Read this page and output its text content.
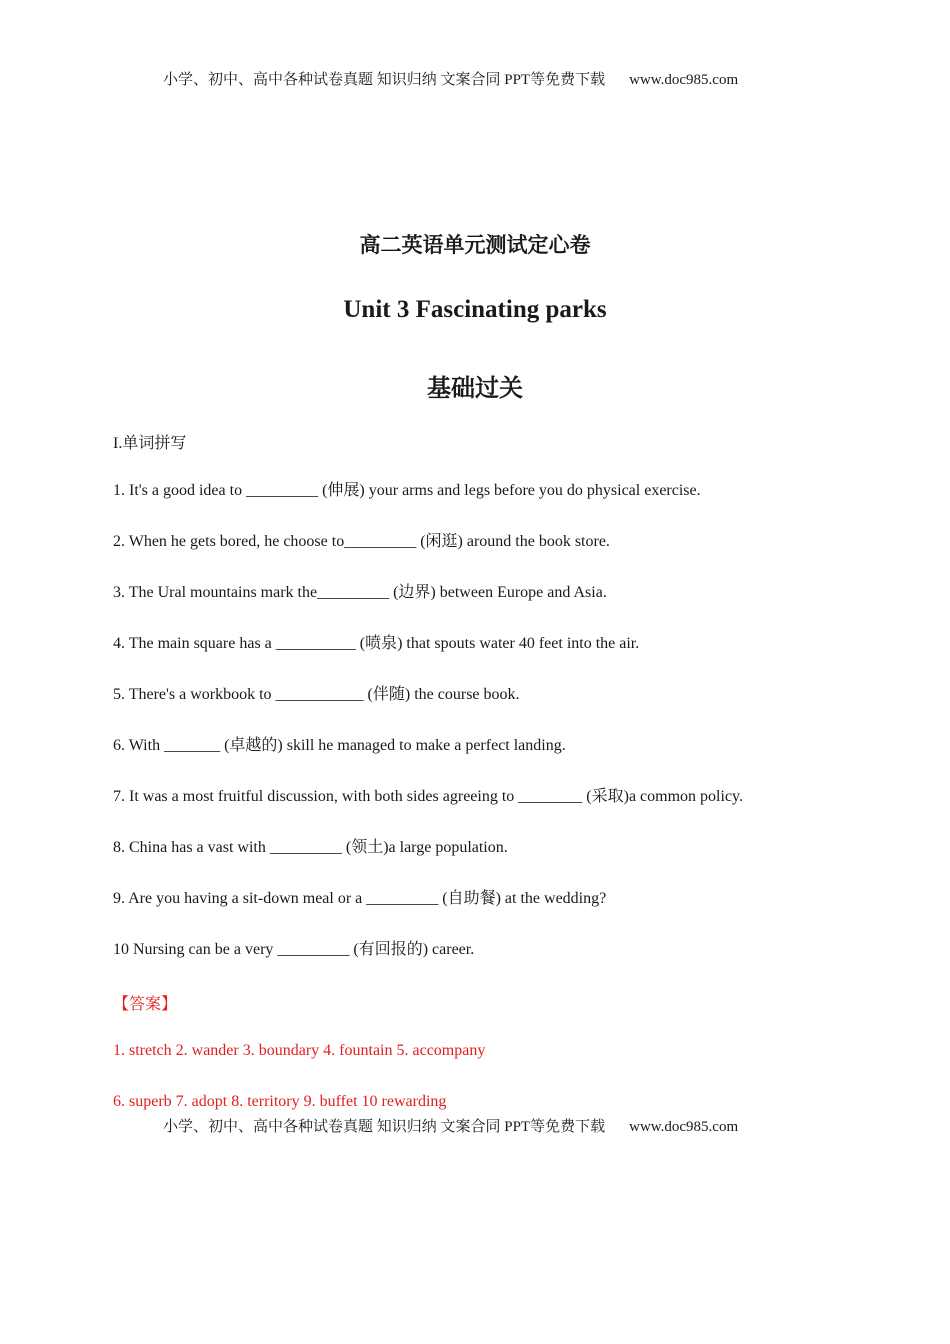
小学、初中、高中各种试卷真题 知识归纳 文案合同 PPT等免费下载 www.doc985.com
高二英语单元测试定心卷
Unit 3 Fascinating parks
基础过关
I.单词拼写
1. It's a good idea to _________ (伸展) your arms and legs before you do physical exercise.
2. When he gets bored, he choose to_________ (闲逛) around the book store.
3. The Ural mountains mark the_________ (边界) between Europe and Asia.
4. The main square has a __________ (喷泉) that spouts water 40 feet into the air.
5. There's a workbook to ___________ (伴随) the course book.
6. With _______ (卓越的) skill he managed to make a perfect landing.
7. It was a most fruitful discussion, with both sides agreeing to ________ (采取)a common policy.
8. China has a vast with _________ (领土)a large population.
9. Are you having a sit-down meal or a _________ (自助餐) at the wedding?
10 Nursing can be a very _________ (有回报的) career.
【答案】
1. stretch 2. wander 3. boundary 4. fountain 5. accompany
6. superb 7. adopt 8. territory 9. buffet 10 rewarding
小学、初中、高中各种试卷真题 知识归纳 文案合同 PPT等免费下载 www.doc985.com
